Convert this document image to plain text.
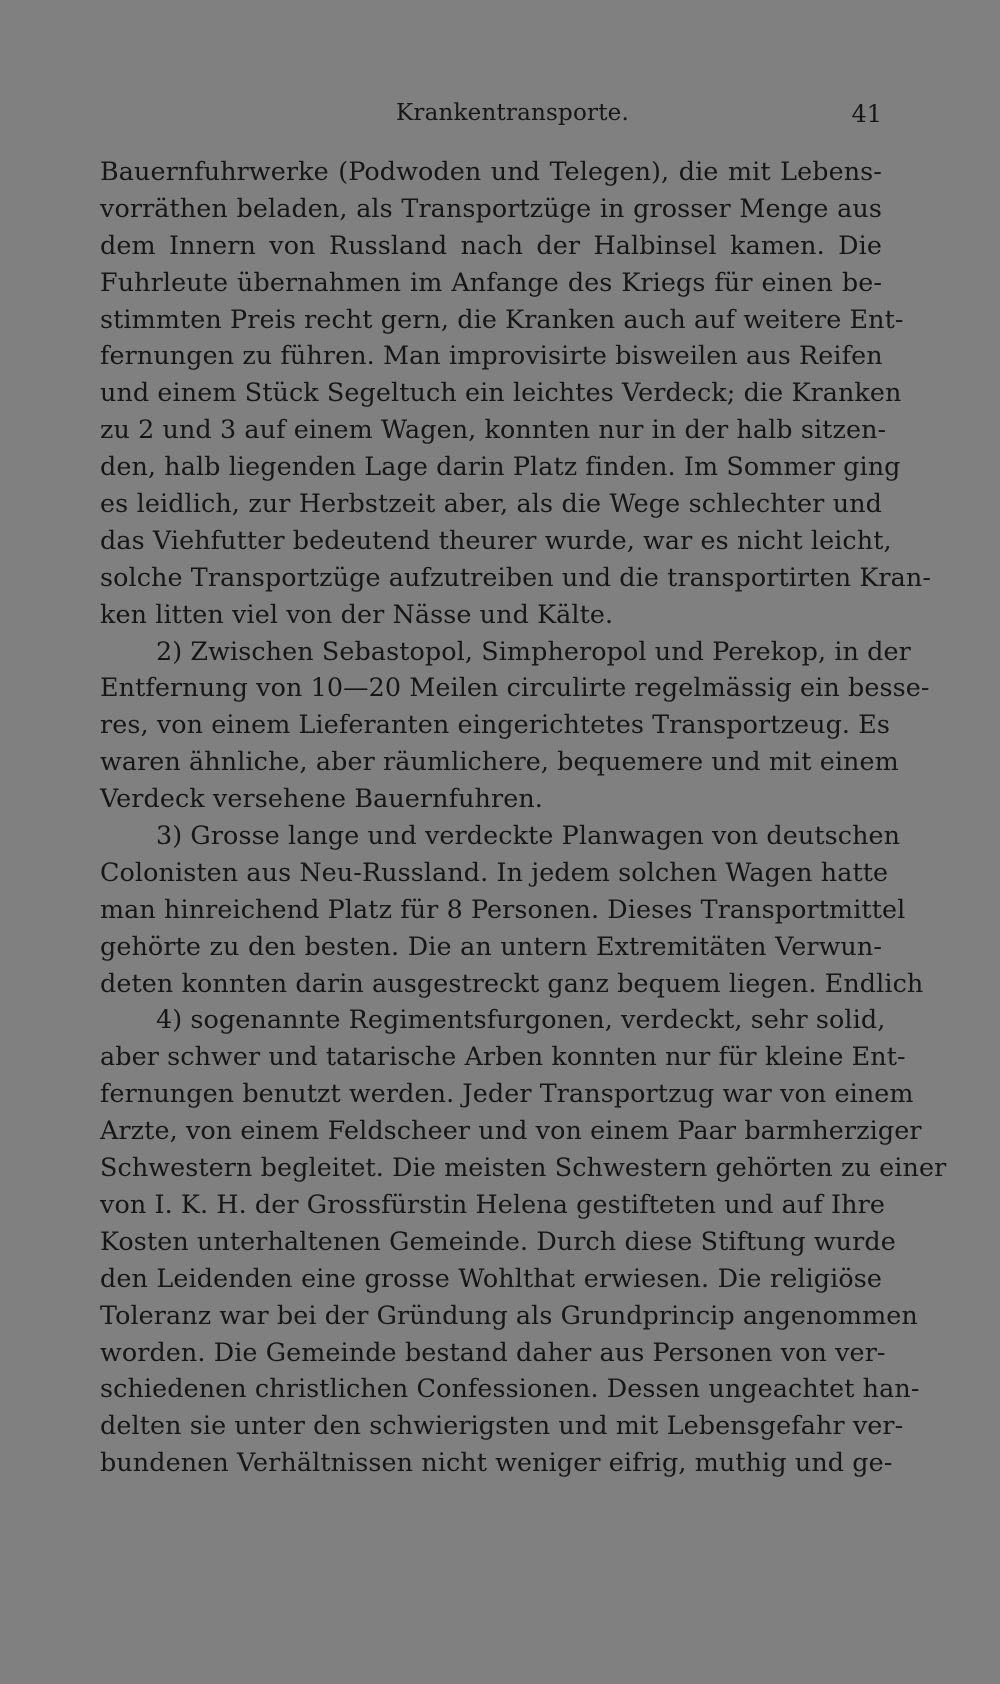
Krankentransporte.	41
Bauernfuhrwerke (Podwoden und Telegen), die mit Lebens-
vorräthen beladen, als Transportzüge in grosser Menge aus
dem Innern von Russland nach der Halbinsel kamen. Die
Fuhrleute übernahmen im Anfange des Kriegs für einen be-
stimmten Preis recht gern, die Kranken auch auf weitere Ent-
fernungen zu führen. Man improvisirte bisweilen aus Reifen
und einem Stück Segeltuch ein leichtes Verdeck; die Kranken
zu 2 und 3 auf einem Wagen, konnten nur in der halb sitzen-
den, halb liegenden Lage darin Platz finden. Im Sommer ging
es leidlich, zur Herbstzeit aber, als die Wege schlechter und
das Viehfutter bedeutend theurer wurde, war es nicht leicht,
solche Transportzüge aufzutreiben und die transportirten Kran-
ken litten viel von der Nässe und Kälte.
2) Zwischen Sebastopol, Simpheropol und Perekop, in der
Entfernung von 10—20 Meilen circulirte regelmässig ein besse-
res, von einem Lieferanten eingerichtetes Transportzeug. Es
waren ähnliche, aber räumlichere, bequemere und mit einem
Verdeck versehene Bauernfuhren.
3) Grosse lange und verdeckte Planwagen von deutschen
Colonisten aus Neu-Russland. In jedem solchen Wagen hatte
man hinreichend Platz für 8 Personen. Dieses Transportmittel
gehörte zu den besten. Die an untern Extremitäten Verwun-
deten konnten darin ausgestreckt ganz bequem liegen. Endlich
4) sogenannte Regimentsfurgonen, verdeckt, sehr solid,
aber schwer und tatarische Arben konnten nur für kleine Ent-
fernungen benutzt werden. Jeder Transportzug war von einem
Arzte, von einem Feldscheer und von einem Paar barmherziger
Schwestern begleitet. Die meisten Schwestern gehörten zu einer
von I. K. H. der Grossfürstin Helena gestifteten und auf Ihre
Kosten unterhaltenen Gemeinde. Durch diese Stiftung wurde
den Leidenden eine grosse Wohlthat erwiesen. Die religiöse
Toleranz war bei der Gründung als Grundprincip angenommen
worden. Die Gemeinde bestand daher aus Personen von ver-
schiedenen christlichen Confessionen. Dessen ungeachtet han-
delten sie unter den schwierigsten und mit Lebensgefahr ver-
bundenen Verhältnissen nicht weniger eifrig, muthig und ge-
